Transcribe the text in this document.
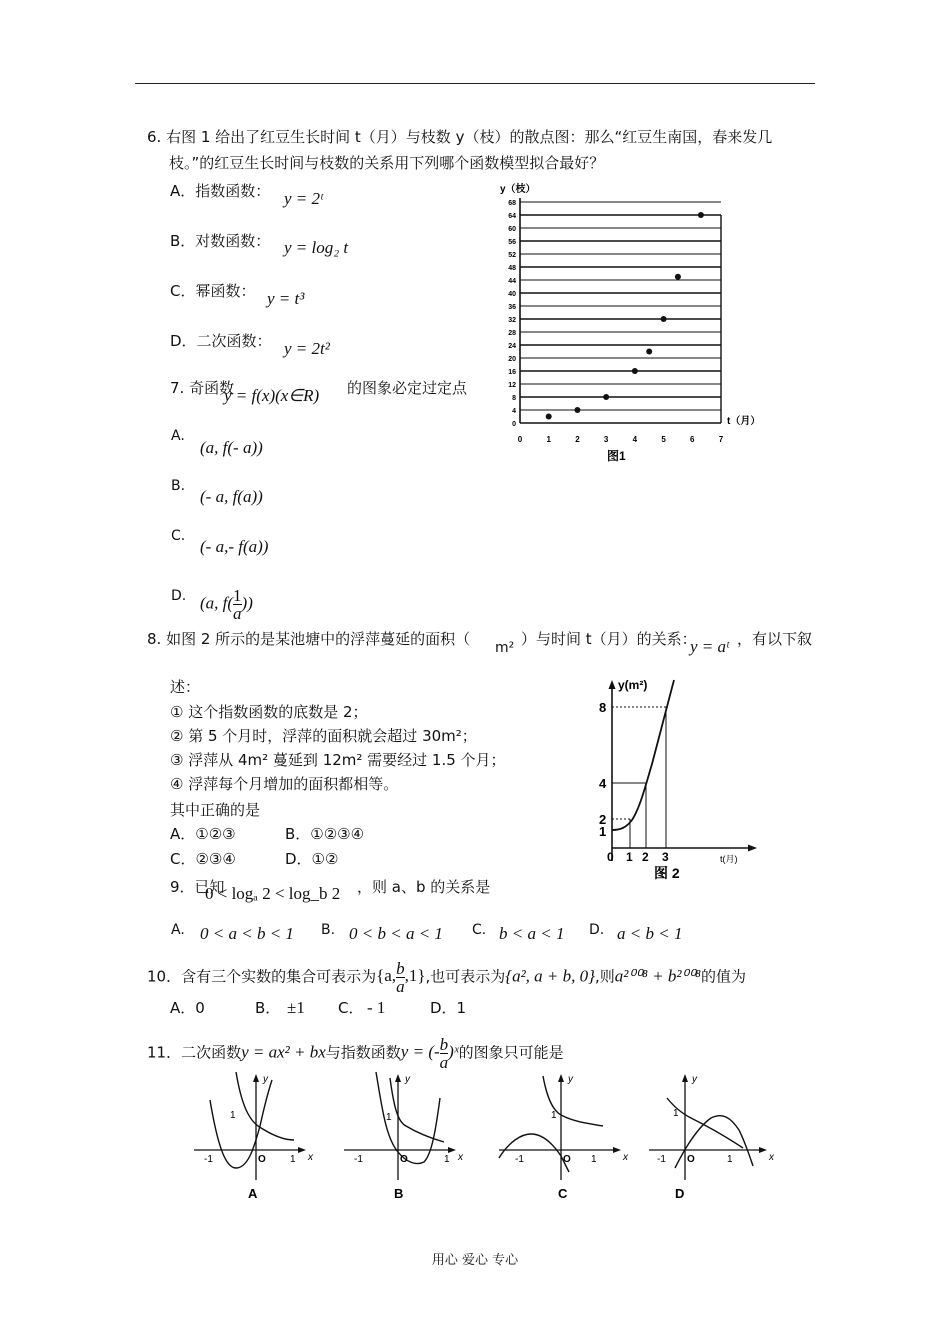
6. 右图 1 给出了红豆生长时间 t（月）与枝数 y（枝）的散点图：那么“红豆生南国，春来发几
枝。”的红豆生长时间与枝数的关系用下列哪个函数模型拟合最好？
A．指数函数： y = 2ᵗ
B．对数函数： y = log₂ t
C．幂函数： y = t³
D．二次函数： y = 2t²
y（枝）
t（月）
图1
68
64
60
56
52
48
44
40
36
32
28
24
20
16
12
8
4
0
0	1	2	3	4	5	6	7
7. 奇函数
y = f(x)(x∈R) 的图象必定过定点
A.
(a, f(- a))
B.
(- a, f(a))
C.
(- a,- f(a))
D. (a, $f( \frac{1}{a}$ ))
8. 如图 2 所示的是某池塘中的浮萍蔓延的面积（ m² ）与时间 t（月）的关系：
y = aᵗ ，有以下叙
述：
① 这个指数函数的底数是 2；
② 第 5 个月时，浮萍的面积就会超过 30m²；
③ 浮萍从 4m² 蔓延到 12m² 需要经过 1.5 个月；
④ 浮萍每个月增加的面积都相等。
其中正确的是
A．①②③	B．①②③④
C．②③④	D．①②
y(m²)
t(月)
8
4
2
1
0 1 2 3
图 2
9．已知
0 < logₐ 2 < log_b 2 ，则 a、b 的关系是
A. 0 < a < b < 1 B. 0 < b < a < 1 C. b < a < 1 D. a < b < 1
10．含有三个实数的集合可表示为{a, $\frac{b}{a} ,1$},也可表示为{a², a + b, 0},则a²⁰⁰⁸ + b²⁰⁰⁸的值为
A．0	B． ±1 C． - 1	D．1
11．二次函数y = ax² + bx与指数函数y = (- $\frac{b}{a}$ )ˣ的图象只可能是
y
x
1
-1	O 1
A
y
x
1
-1	O	1
B
y
x
1
-1	O 1
C
y
x
1
-1 O	1
D
用心 爱心 专心
